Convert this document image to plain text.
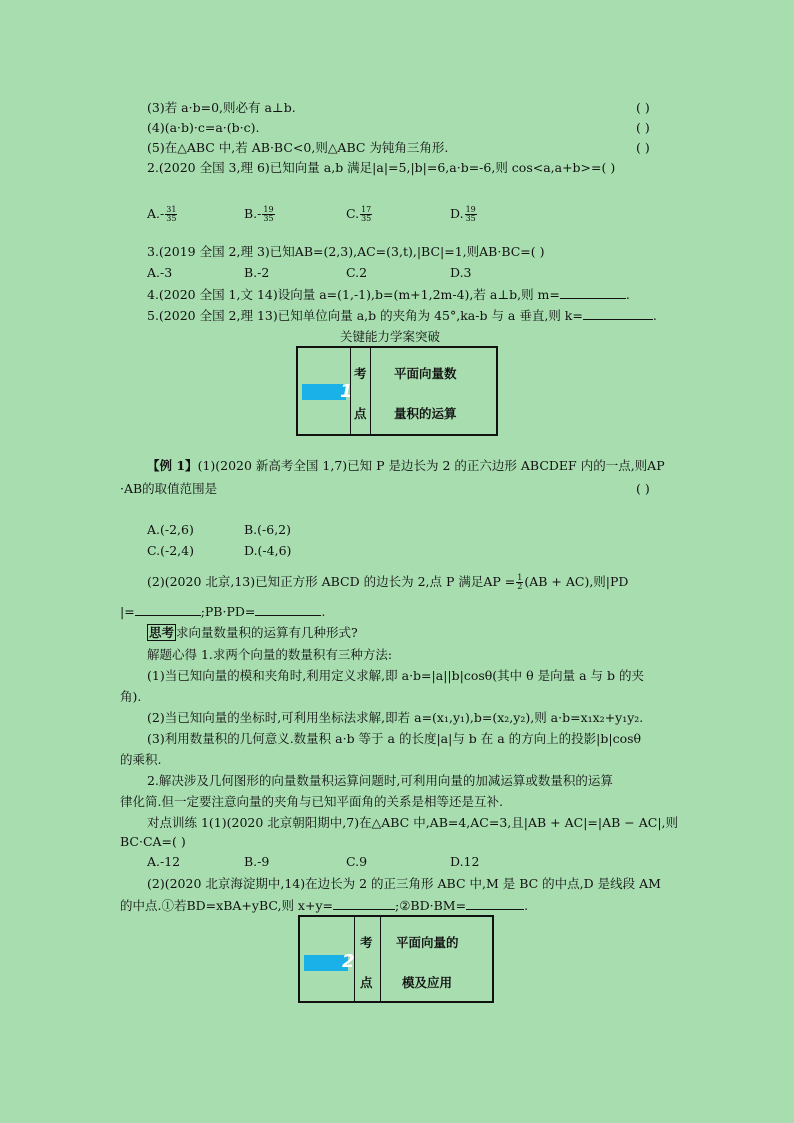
(3)若 a·b=0,则必有 a⊥b.	( )
(4)(a·b)·c=a·(b·c).	( )
(5)在△ABC 中,若 AB·BC<0,则△ABC 为钝角三角形.	( )
2.(2020 全国 3,理 6)已知向量 a,b 满足|a|=5,|b|=6,a·b=-6,则 cos<a,a+b>=( )
$A.- \frac{31}{35}$	$B.- \frac{19}{35}$	C. $\frac{17}{35}$	D. $\frac{19}{35}$
3.(2019 全国 2,理 3)已知AB=(2,3),AC=(3,t),|BC|=1,则AB·BC=( )
A.-3	B.-2	C.2	D.3
4.(2020 全国 1,文 14)设向量 a=(1,-1),b=(m+1,2m-4),若 a⊥b,则 m=	.
5.(2020 全国 2,理 13)已知单位向量 a,b 的夹角为 45°,ka-b 与 a 垂直,则 k=	.
关键能力学案突破
1
考
点
平面向量数
量积的运算
【例 1】(1)(2020 新高考全国 1,7)已知 P 是边长为 2 的正六边形 ABCDEF 内的一点,则AP
·AB的取值范围是	( )
A.(-2,6)	B.(-6,2)
C.(-2,4)	D.(-4,6)
(2)(2020 北京,13)已知正方形 ABCD 的边长为 2,点 P 满足AP = $\frac{1}{2} (AB + AC)$,则|PD
|=	;PB·PD=	.
思考 求向量数量积的运算有几种形式?
解题心得 1.求两个向量的数量积有三种方法:
(1)当已知向量的模和夹角时,利用定义求解,即 a·b=|a||b|cosθ(其中 θ 是向量 a 与 b 的夹
角).
(2)当已知向量的坐标时,可利用坐标法求解,即若 a=(x₁,y₁),b=(x₂,y₂),则 a·b=x₁x₂+y₁y₂.
(3)利用数量积的几何意义.数量积 a·b 等于 a 的长度|a|与 b 在 a 的方向上的投影|b|cosθ
的乘积.
2.解决涉及几何图形的向量数量积运算问题时,可利用向量的加减运算或数量积的运算
律化简.但一定要注意向量的夹角与已知平面角的关系是相等还是互补.
对点训练 1(1)(2020 北京朝阳期中,7)在△ABC 中,AB=4,AC=3,且|AB + AC|=|AB − AC|,则
BC·CA=( )
A.-12	B.-9	C.9	D.12
(2)(2020 北京海淀期中,14)在边长为 2 的正三角形 ABC 中,M 是 BC 的中点,D 是线段 AM
的中点.①若BD=xBA+yBC,则 x+y=	;②BD·BM=	.
2
考
点
平面向量的
模及应用
